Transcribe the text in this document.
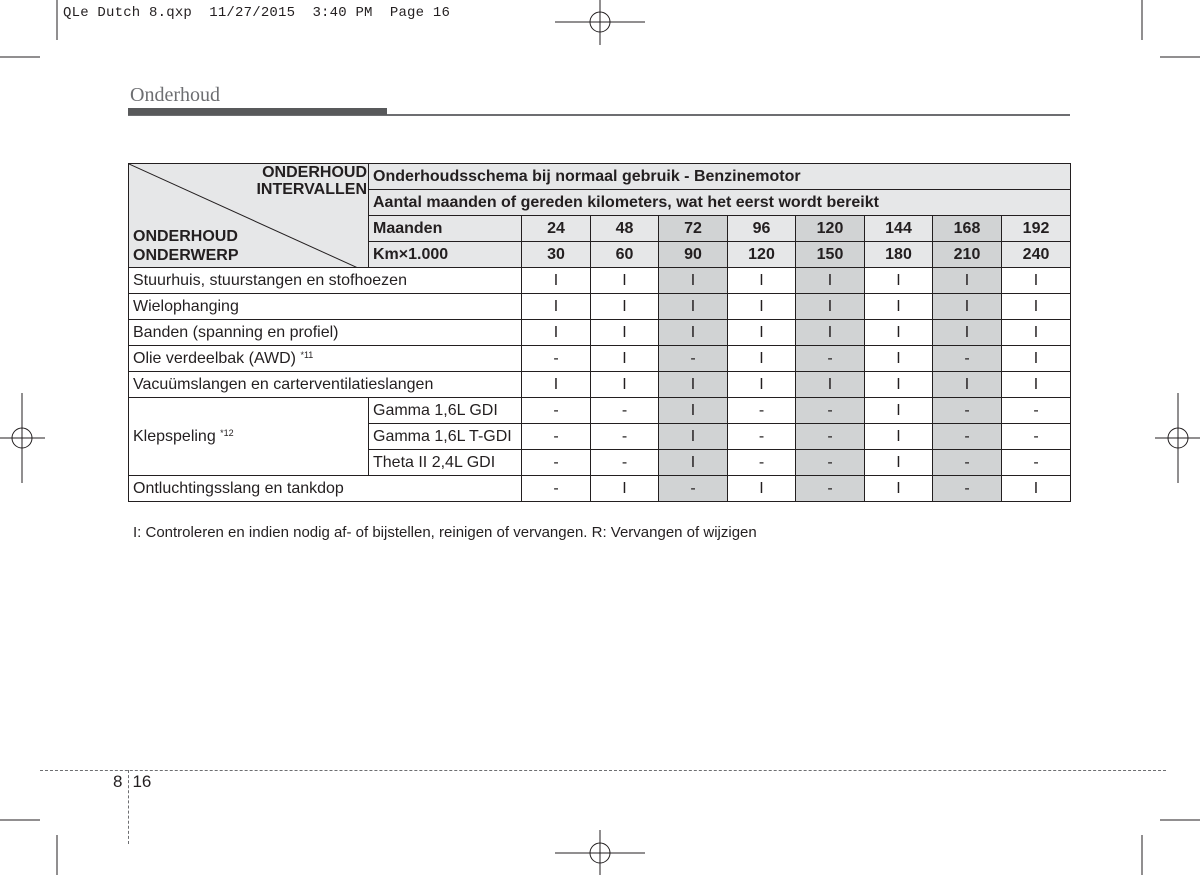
QLe Dutch 8.qxp  11/27/2015  3:40 PM  Page 16
Onderhoud
ONDERHOUD
INTERVALLEN
ONDERHOUD
ONDERWERP	Onderhoudsschema bij normaal gebruik - Benzinemotor								
	Aantal maanden of gereden kilometers, wat het eerst wordt bereikt								
	Maanden	24	48	72	96	120	144	168	192
	Km×1.000	30	60	90	120	150	180	210	240
Stuurhuis, stuurstangen en stofhoezen		I	I	I	I	I	I	I	I
Wielophanging		I	I	I	I	I	I	I	I
Banden (spanning en profiel)		I	I	I	I	I	I	I	I
Olie verdeelbak (AWD) $^{*11}$		-	I	-	I	-	I	-	I
Vacuümslangen en carterventilatieslangen		I	I	I	I	I	I	I	I
Klepspeling $^{*12}$	Gamma 1,6L GDI	-	-	I	-	-	I	-	-
	Gamma 1,6L T-GDI	-	-	I	-	-	I	-	-
	Theta II 2,4L GDI	-	-	I	-	-	I	-	-
Ontluchtingsslang en tankdop		-	I	-	I	-	I	-	I
I: Controleren en indien nodig af- of bijstellen, reinigen of vervangen. R: Vervangen of wijzigen
8 16
